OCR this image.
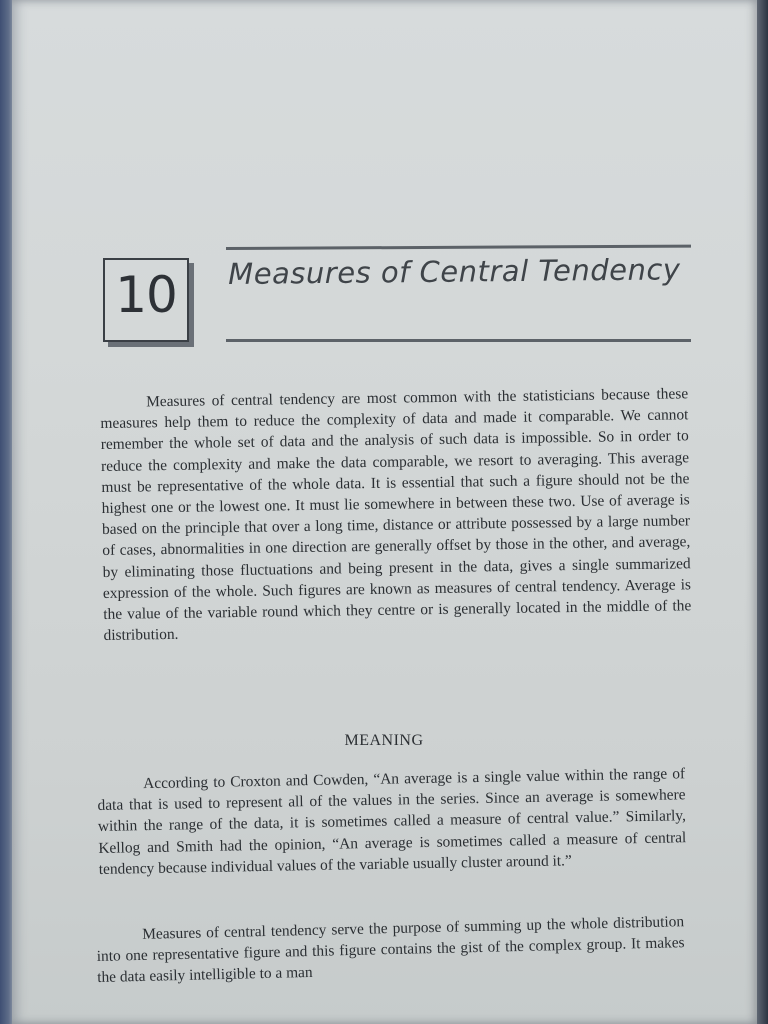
10	Measures of Central Tendency

Measures of central tendency are most common with the statisticians because these measures help them to reduce the complexity of data and made it comparable. We cannot remember the whole set of data and the analysis of such data is impossible. So in order to reduce the complexity and make the data comparable, we resort to averaging. This average must be representative of the whole data. It is essential that such a figure should not be the highest one or the lowest one. It must lie somewhere in between these two. Use of average is based on the principle that over a long time, distance or attribute possessed by a large number of cases, abnormalities in one direction are generally offset by those in the other, and average, by eliminating those fluctuations and being present in the data, gives a single summarized expression of the whole. Such figures are known as measures of central tendency. Average is the value of the variable round which they centre or is generally located in the middle of the distribution.

MEANING

According to Croxton and Cowden, “An average is a single value within the range of data that is used to represent all of the values in the series. Since an average is somewhere within the range of the data, it is sometimes called a measure of central value.” Similarly, Kellog and Smith had the opinion, “An average is sometimes called a measure of central tendency because individual values of the variable usually cluster around it.”

Measures of central tendency serve the purpose of summing up the whole distribution into one representative figure and this figure contains the gist of the complex group. It makes the data easily intelligible to a man
